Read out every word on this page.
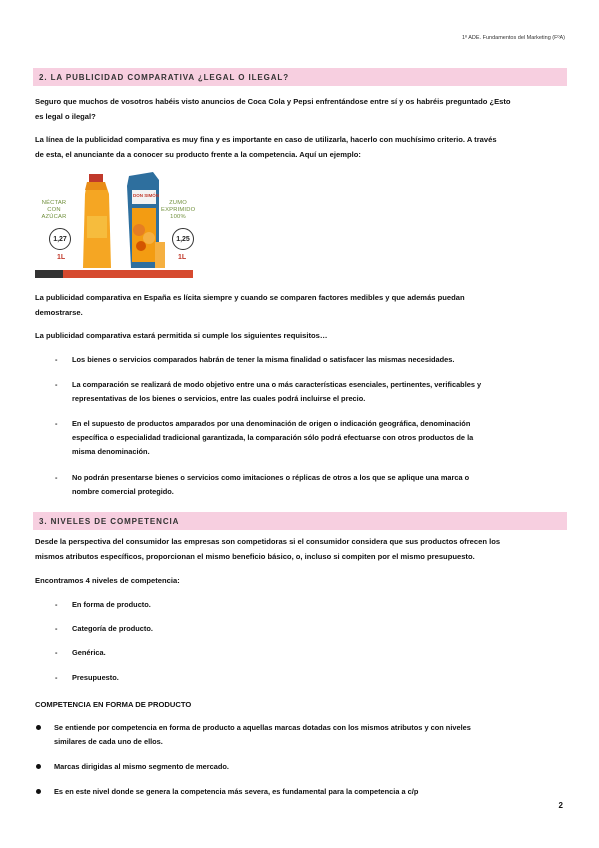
1º ADE. Fundamentos del Marketing (FºA)
2. LA PUBLICIDAD COMPARATIVA ¿LEGAL O ILEGAL?
Seguro que muchos de vosotros habéis visto anuncios de Coca Cola y Pepsi enfrentándose entre sí y os habréis preguntado ¿Esto
es legal o ilegal?
La línea de la publicidad comparativa es muy fina y es importante en caso de utilizarla, hacerlo con muchísimo criterio. A través
de esta, el anunciante da a conocer su producto frente a la competencia. Aquí un ejemplo:
NÉCTAR CON AZÚCAR
DON SIMÓN
ZUMO EXPRIMIDO 100%
1,27	1,25
1L	1L
La publicidad comparativa en España es lícita siempre y cuando se comparen factores medibles y que además puedan
demostrarse.
La publicidad comparativa estará permitida si cumple los siguientes requisitos…
- Los bienes o servicios comparados habrán de tener la misma finalidad o satisfacer las mismas necesidades.
- La comparación se realizará de modo objetivo entre una o más características esenciales, pertinentes, verificables y
representativas de los bienes o servicios, entre las cuales podrá incluirse el precio.
- En el supuesto de productos amparados por una denominación de origen o indicación geográfica, denominación
específica o especialidad tradicional garantizada, la comparación sólo podrá efectuarse con otros productos de la
misma denominación.
- No podrán presentarse bienes o servicios como imitaciones o réplicas de otros a los que se aplique una marca o
nombre comercial protegido.
3. NIVELES DE COMPETENCIA
Desde la perspectiva del consumidor las empresas son competidoras si el consumidor considera que sus productos ofrecen los
mismos atributos específicos, proporcionan el mismo beneficio básico, o, incluso si compiten por el mismo presupuesto.
Encontramos 4 niveles de competencia:
- En forma de producto.
- Categoría de producto.
- Genérica.
- Presupuesto.
COMPETENCIA EN FORMA DE PRODUCTO
Se entiende por competencia en forma de producto a aquellas marcas dotadas con los mismos atributos y con niveles
similares de cada uno de ellos.
Marcas dirigidas al mismo segmento de mercado.
Es en este nivel donde se genera la competencia más severa, es fundamental para la competencia a c/p
2
